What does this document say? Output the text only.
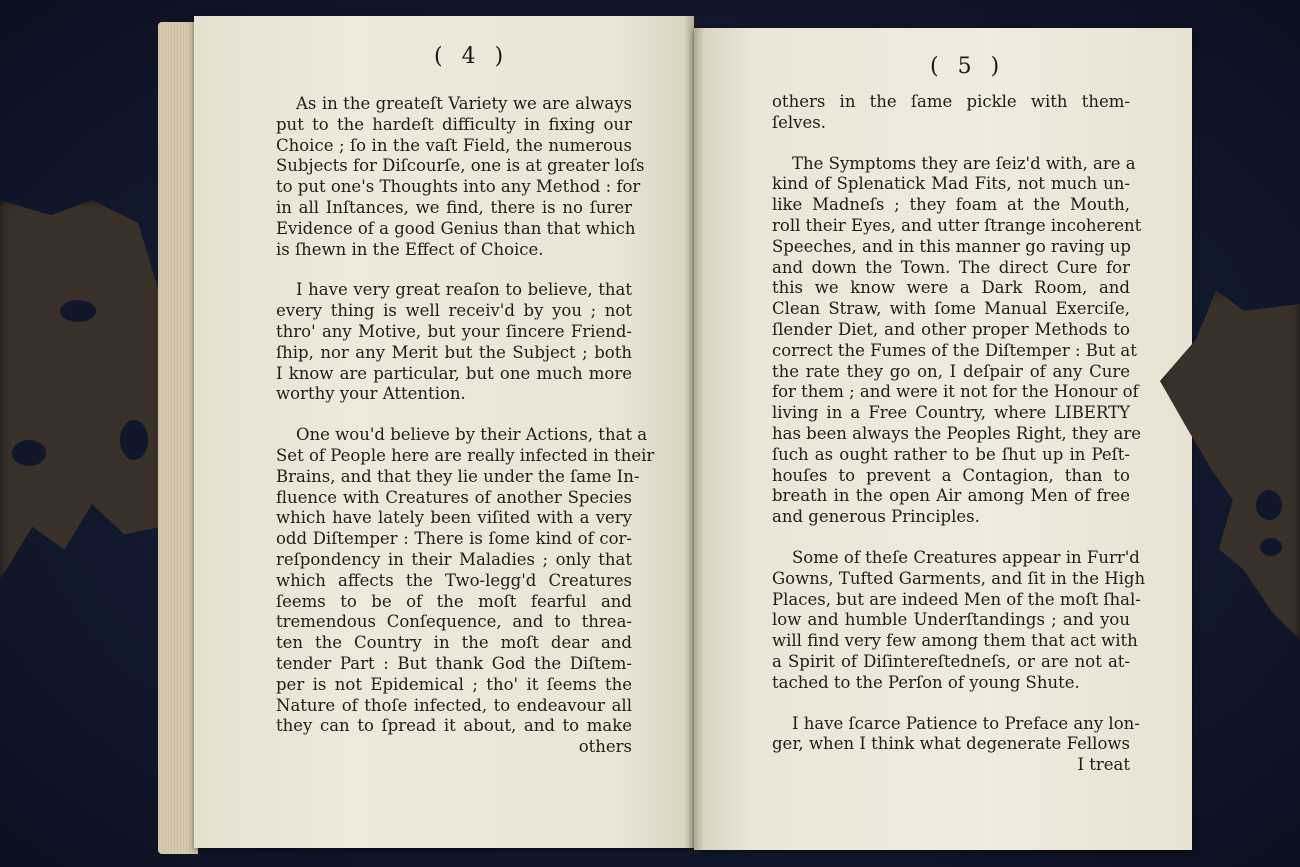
( 4 )
As in the greateſt Variety we are always
put to the hardeſt difficulty in fixing our
Choice ; ſo in the vaſt Field, the numerous
Subjects for Diſcourſe, one is at greater loſs
to put one's Thoughts into any Method : for
in all Inſtances, we find, there is no ſurer
Evidence of a good Genius than that which
is ſhewn in the Effect of Choice.
I have very great reaſon to believe, that
every thing is well receiv'd by you ; not
thro' any Motive, but your ſincere Friend-
ſhip, nor any Merit but the Subject ; both
I know are particular, but one much more
worthy your Attention.
One wou'd believe by their Actions, that a
Set of People here are really infected in their
Brains, and that they lie under the ſame In-
fluence with Creatures of another Species
which have lately been viſited with a very
odd Diſtemper : There is ſome kind of cor-
reſpondency in their Maladies ; only that
which affects the Two-legg'd Creatures
ſeems to be of the moſt fearful and
tremendous Conſequence, and to threa-
ten the Country in the moſt dear and
tender Part : But thank God the Diſtem-
per is not Epidemical ; tho' it ſeems the
Nature of thoſe infected, to endeavour all
they can to ſpread it about, and to make
others
( 5 )
others in the ſame pickle with them-
ſelves.
The Symptoms they are ſeiz'd with, are a
kind of Splenatick Mad Fits, not much un-
like Madneſs ; they foam at the Mouth,
roll their Eyes, and utter ſtrange incoherent
Speeches, and in this manner go raving up
and down the Town. The direct Cure for
this we know were a Dark Room, and
Clean Straw, with ſome Manual Exerciſe,
ſlender Diet, and other proper Methods to
correct the Fumes of the Diſtemper : But at
the rate they go on, I deſpair of any Cure
for them ; and were it not for the Honour of
living in a Free Country, where LIBERTY
has been always the Peoples Right, they are
ſuch as ought rather to be ſhut up in Peſt-
houſes to prevent a Contagion, than to
breath in the open Air among Men of free
and generous Principles.
Some of theſe Creatures appear in Furr'd
Gowns, Tufted Garments, and ſit in the High
Places, but are indeed Men of the moſt ſhal-
low and humble Underſtandings ; and you
will find very few among them that act with
a Spirit of Diſintereſtedneſs, or are not at-
tached to the Perſon of young Shute.
I have ſcarce Patience to Preface any lon-
ger, when I think what degenerate Fellows
I treat
